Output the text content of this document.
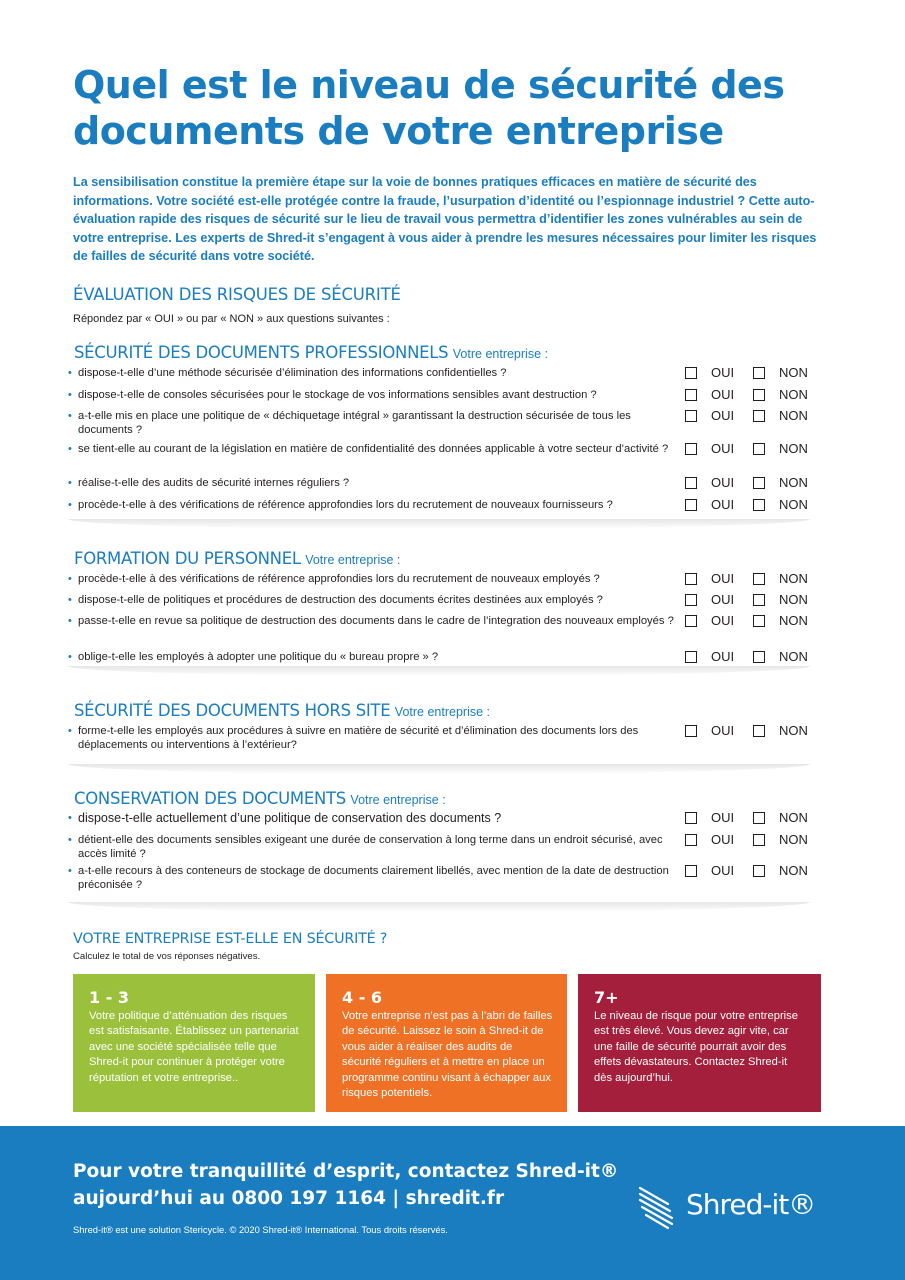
Quel est le niveau de sécurité des documents de votre entreprise

La sensibilisation constitue la première étape sur la voie de bonnes pratiques efficaces en matière de sécurité des informations. Votre société est-elle protégée contre la fraude, l’usurpation d’identité ou l’espionnage industriel ? Cette auto-évaluation rapide des risques de sécurité sur le lieu de travail vous permettra d’identifier les zones vulnérables au sein de votre entreprise. Les experts de Shred-it s’engagent à vous aider à prendre les mesures nécessaires pour limiter les risques de failles de sécurité dans votre société.

ÉVALUATION DES RISQUES DE SÉCURITÉ
Répondez par « OUI » ou par « NON » aux questions suivantes :
SÉCURITÉ DES DOCUMENTS PROFESSIONNELS Votre entreprise :
• dispose-t-elle d’une méthode sécurisée d’élimination des informations confidentielles ?	OUI	NON
• dispose-t-elle de consoles sécurisées pour le stockage de vos informations sensibles avant destruction ?	OUI	NON
• a-t-elle mis en place une politique de « déchiquetage intégral » garantissant la destruction sécurisée de tous les documents ?
OUI	NON
• se tient-elle au courant de la législation en matière de confidentialité des données applicable à votre secteur d’activité ?	OUI	NON
• réalise-t-elle des audits de sécurité internes réguliers ?	OUI	NON
• procède-t-elle à des vérifications de référence approfondies lors du recrutement de nouveaux fournisseurs ?	OUI	NON
FORMATION DU PERSONNEL Votre entreprise :
• procède-t-elle à des vérifications de référence approfondies lors du recrutement de nouveaux employés ?	OUI	NON
• dispose-t-elle de politiques et procédures de destruction des documents écrites destinées aux employés ?	OUI	NON
• passe-t-elle en revue sa politique de destruction des documents dans le cadre de l’integration des nouveaux employés ?	OUI	NON
• oblige-t-elle les employés à adopter une politique du « bureau propre » ?	OUI	NON
SÉCURITÉ DES DOCUMENTS HORS SITE Votre entreprise :
• forme-t-elle les employés aux procédures à suivre en matière de sécurité et d’élimination des documents lors des déplacements ou interventions à l’extérieur?
OUI	NON
CONSERVATION DES DOCUMENTS Votre entreprise :
• dispose-t-elle actuellement d’une politique de conservation des documents ?	OUI	NON
• détient-elle des documents sensibles exigeant une durée de conservation à long terme dans un endroit sécurisé, avec accès limité ?
OUI	NON
• a-t-elle recours à des conteneurs de stockage de documents clairement libellés, avec mention de la date de destruction préconisée ?
OUI	NON
VOTRE ENTREPRISE EST-ELLE EN SÉCURITÉ ?
Calculez le total de vos réponses négatives.
1 - 3
Votre politique d’atténuation des risques est satisfaisante. Établissez un partenariat avec une société spécialisée telle que Shred-it pour continuer à protéger votre réputation et votre entreprise..
4 - 6
Votre entreprise n’est pas à l’abri de failles de sécurité. Laissez le soin à Shred-it de vous aider à réaliser des audits de sécurité réguliers et à mettre en place un programme continu visant à échapper aux risques potentiels.
7+
Le niveau de risque pour votre entreprise est très élevé. Vous devez agir vite, car une faille de sécurité pourrait avoir des effets dévastateurs. Contactez Shred-it dès aujourd’hui.
Pour votre tranquillité d’esprit, contactez Shred-it®
aujourd’hui au 0800 197 1164 | shredit.fr
Shred-it® est une solution Stericycle. © 2020 Shred-it® International. Tous droits réservés.
Shred-it®
